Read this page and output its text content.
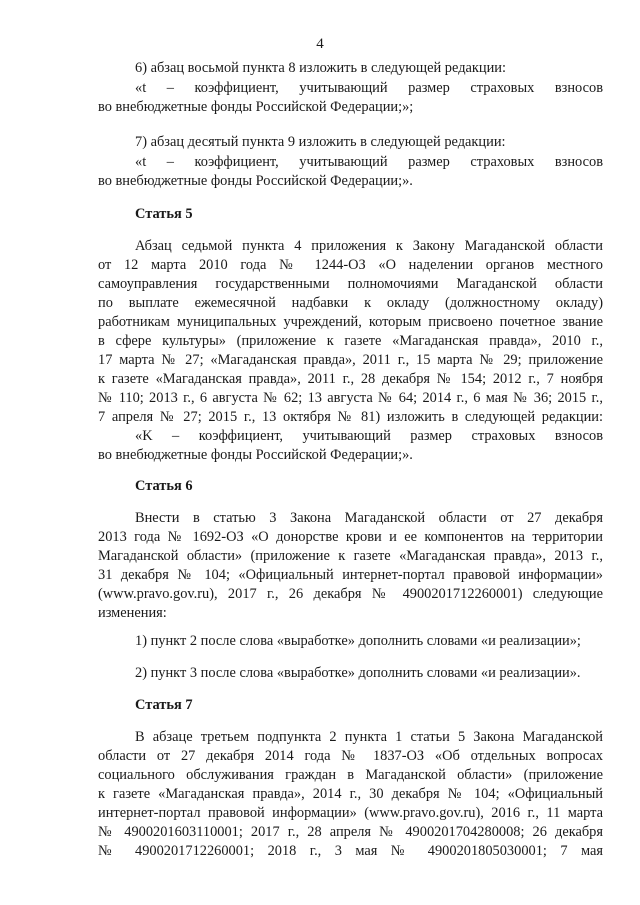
4

6) абзац восьмой пункта 8 изложить в следующей редакции:

«t – коэффициент, учитывающий размер страховых взносов

во внебюджетные фонды Российской Федерации;»;

7) абзац десятый пункта 9 изложить в следующей редакции:

«t – коэффициент, учитывающий размер страховых взносов

во внебюджетные фонды Российской Федерации;».

Статья 5

Абзац седьмой пункта 4 приложения к Закону Магаданской области

от 12 марта 2010 года № 1244-ОЗ «О наделении органов местного

самоуправления государственными полномочиями Магаданской области

по выплате ежемесячной надбавки к окладу (должностному окладу)

работникам муниципальных учреждений, которым присвоено почетное звание

в сфере культуры» (приложение к газете «Магаданская правда», 2010 г.,

17 марта № 27; «Магаданская правда», 2011 г., 15 марта № 29; приложение

к газете «Магаданская правда», 2011 г., 28 декабря № 154; 2012 г., 7 ноября

№ 110; 2013 г., 6 августа № 62; 13 августа № 64; 2014 г., 6 мая № 36; 2015 г.,

7 апреля № 27; 2015 г., 13 октября № 81) изложить в следующей редакции:

«K – коэффициент, учитывающий размер страховых взносов

во внебюджетные фонды Российской Федерации;».

Статья 6

Внести в статью 3 Закона Магаданской области от 27 декабря

2013 года № 1692-ОЗ «О донорстве крови и ее компонентов на территории

Магаданской области» (приложение к газете «Магаданская правда», 2013 г.,

31 декабря № 104; «Официальный интернет-портал правовой информации»

(www.pravo.gov.ru), 2017 г., 26 декабря № 4900201712260001) следующие

изменения:

1) пункт 2 после слова «выработке» дополнить словами «и реализации»;

2) пункт 3 после слова «выработке» дополнить словами «и реализации».

Статья 7

В абзаце третьем подпункта 2 пункта 1 статьи 5 Закона Магаданской

области от 27 декабря 2014 года № 1837-ОЗ «Об отдельных вопросах

социального обслуживания граждан в Магаданской области» (приложение

к газете «Магаданская правда», 2014 г., 30 декабря № 104; «Официальный

интернет-портал правовой информации» (www.pravo.gov.ru), 2016 г., 11 марта

№ 4900201603110001; 2017 г., 28 апреля № 4900201704280008; 26 декабря

№ 4900201712260001; 2018 г., 3 мая № 4900201805030001; 7 мая
